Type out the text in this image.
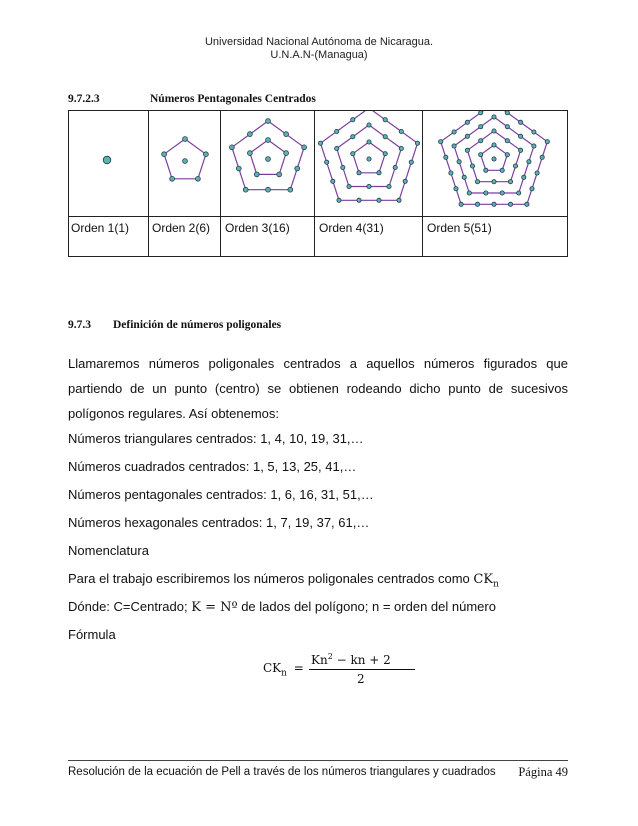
Universidad Nacional Autónoma de Nicaragua.
U.N.A.N-(Managua)
9.7.2.3	Números Pentagonales Centrados
Orden 1(1) Orden 2(6) Orden 3(16) Orden 4(31)	Orden 5(51)
9.7.3 Definición de números poligonales
Llamaremos números poligonales centrados a aquellos números figurados que
partiendo de un punto (centro) se obtienen rodeando dicho punto de sucesivos
polígonos regulares. Así obtenemos:
Números triangulares centrados: 1, 4, 10, 19, 31,…
Números cuadrados centrados: 1, 5, 13, 25, 41,…
Números pentagonales centrados: 1, 6, 16, 31, 51,…
Números hexagonales centrados: 1, 7, 19, 37, 61,…
Nomenclatura
Para el trabajo escribiremos los números poligonales centrados como $CK_n$
Dónde: C=Centrado; K = Nº de lados del polígono; n = orden del número
Fórmula
$CK_n$ =
$Kn^2$ − kn + 2
2
Resolución de la ecuación de Pell a través de los números triangulares y cuadrados Página 49
